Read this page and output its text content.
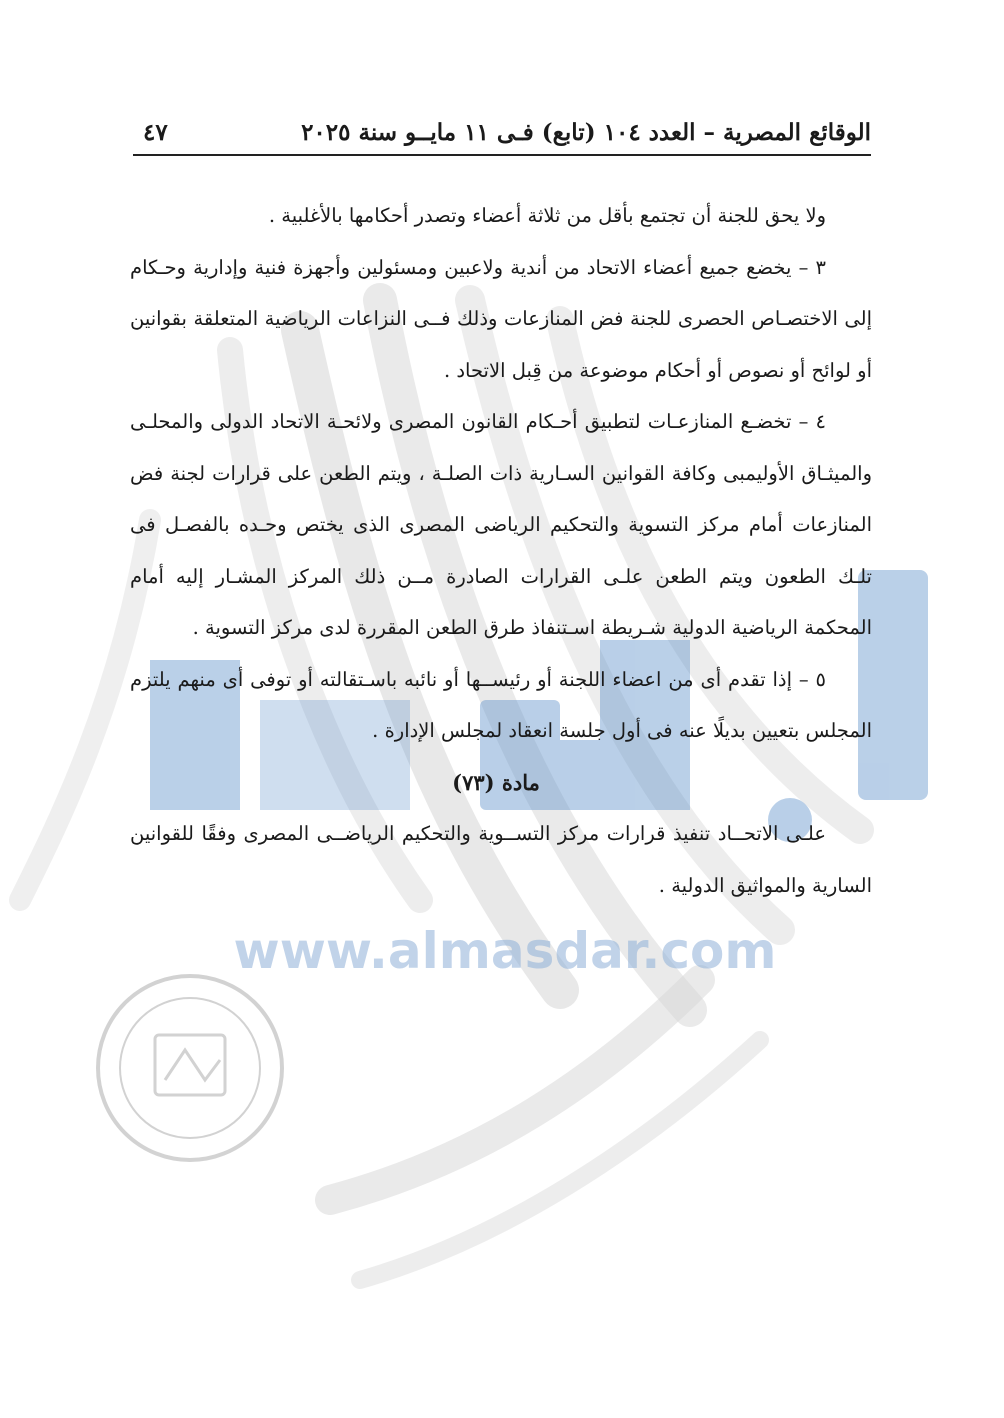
www.almasdar.com
الوقائع المصرية – العدد ١٠٤ (تابع) فـى ١١ مايــو سنة ٢٠٢٥
٤٧

ولا يحق للجنة أن تجتمع بأقل من ثلاثة أعضاء وتصدر أحكامها بالأغلبية .

٣ – يخضع جميع أعضاء الاتحاد من أندية ولاعبين ومسئولين وأجهزة فنية وإدارية وحـكام إلى الاختصـاص الحصرى للجنة فض المنازعات وذلك فــى النزاعات الرياضية المتعلقة بقوانين أو لوائح أو نصوص أو أحكام موضوعة من قِبل الاتحاد .

٤ – تخضـع المنازعـات لتطبيق أحـكام القانون المصرى ولائحـة الاتحاد الدولى والمحلـى والميثـاق الأوليمبى وكافة القوانين السـارية ذات الصلـة ، ويتم الطعن على قرارات لجنة فض المنازعات أمام مركز التسوية والتحكيم الرياضى المصرى الذى يختص وحـده بالفصـل فى تلـك الطعون ويتم الطعن علـى القرارات الصادرة مــن ذلك المركز المشـار إليه أمام المحكمة الرياضية الدولية شـريطة اسـتنفاذ طرق الطعن المقررة لدى مركز التسوية .

٥ – إذا تقدم أى من اعضاء اللجنة أو رئيســها أو نائبه باسـتقالته أو توفى أى منهم يلتزم المجلس بتعيين بديلًا عنه فى أول جلسة انعقاد لمجلس الإدارة .

مادة (٧٣)

علـى الاتحــاد تنفيذ قرارات مركز التســوية والتحكيم الرياضــى المصرى وفقًا للقوانين السارية والمواثيق الدولية .
